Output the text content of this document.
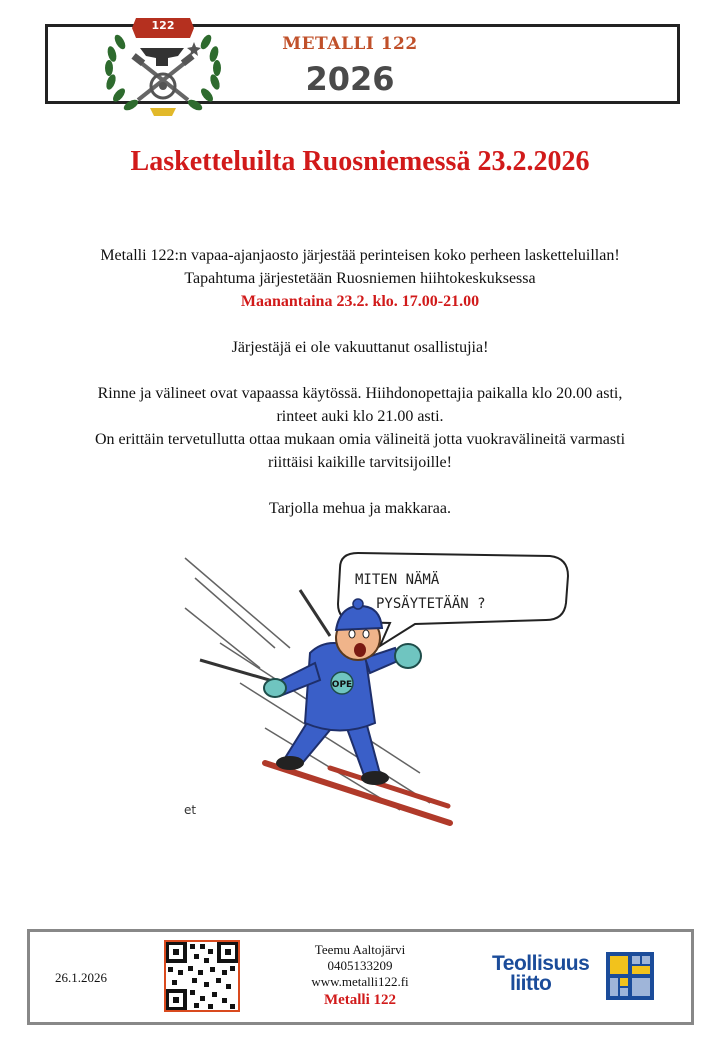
122
METALLI 122
2026
Lasketteluilta Ruosniemessä 23.2.2026

Metalli 122:n vapaa-ajanjaosto järjestää perinteisen koko perheen lasketteluillan!

Tapahtuma järjestetään Ruosniemen hiihtokeskuksessa

Maanantaina 23.2. klo. 17.00-21.00

Järjestäjä ei ole vakuuttanut osallistujia!

Rinne ja välineet ovat vapaassa käytössä. Hiihdonopettajia paikalla klo 20.00 asti,

rinteet auki klo 21.00 asti.

On erittäin tervetullutta ottaa mukaan omia välineitä jotta vuokravälineitä varmasti

riittäisi kaikille tarvitsijoille!

Tarjolla mehua ja makkaraa.

MITEN NÄMÄ
PYSÄYTETÄÄN ?
OPE
et
26.1.2026
Teemu Aaltojärvi
0405133209
www.metalli122.fi
Metalli 122
Teollisuus
liitto
